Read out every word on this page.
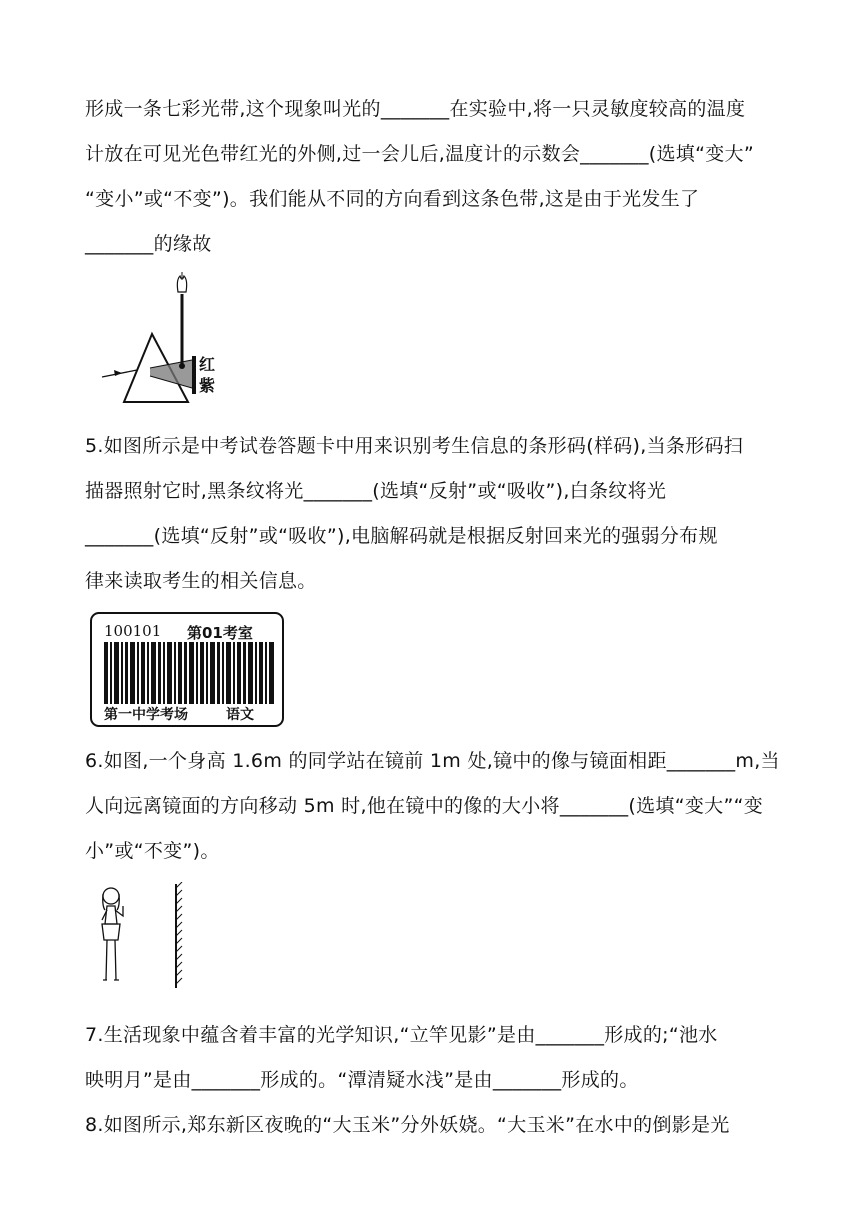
形成一条七彩光带,这个现象叫光的_______在实验中,将一只灵敏度较高的温度
计放在可见光色带红光的外侧,过一会儿后,温度计的示数会_______(选填“变大”
“变小”或“不变”)。我们能从不同的方向看到这条色带,这是由于光发生了
_______的缘故
红
紫
5.如图所示是中考试卷答题卡中用来识别考生信息的条形码(样码),当条形码扫
描器照射它时,黑条纹将光_______(选填“反射”或“吸收”),白条纹将光
_______(选填“反射”或“吸收”),电脑解码就是根据反射回来光的强弱分布规
律来读取考生的相关信息。
100101 第01考室
第一中学考场	语文
6.如图,一个身高 1.6m 的同学站在镜前 1m 处,镜中的像与镜面相距_______m,当
人向远离镜面的方向移动 5m 时,他在镜中的像的大小将_______(选填“变大”“变
小”或“不变”)。
7.生活现象中蕴含着丰富的光学知识,“立竿见影”是由_______形成的;“池水
映明月”是由_______形成的。“潭清疑水浅”是由_______形成的。
8.如图所示,郑东新区夜晚的“大玉米”分外妖娆。“大玉米”在水中的倒影是光
